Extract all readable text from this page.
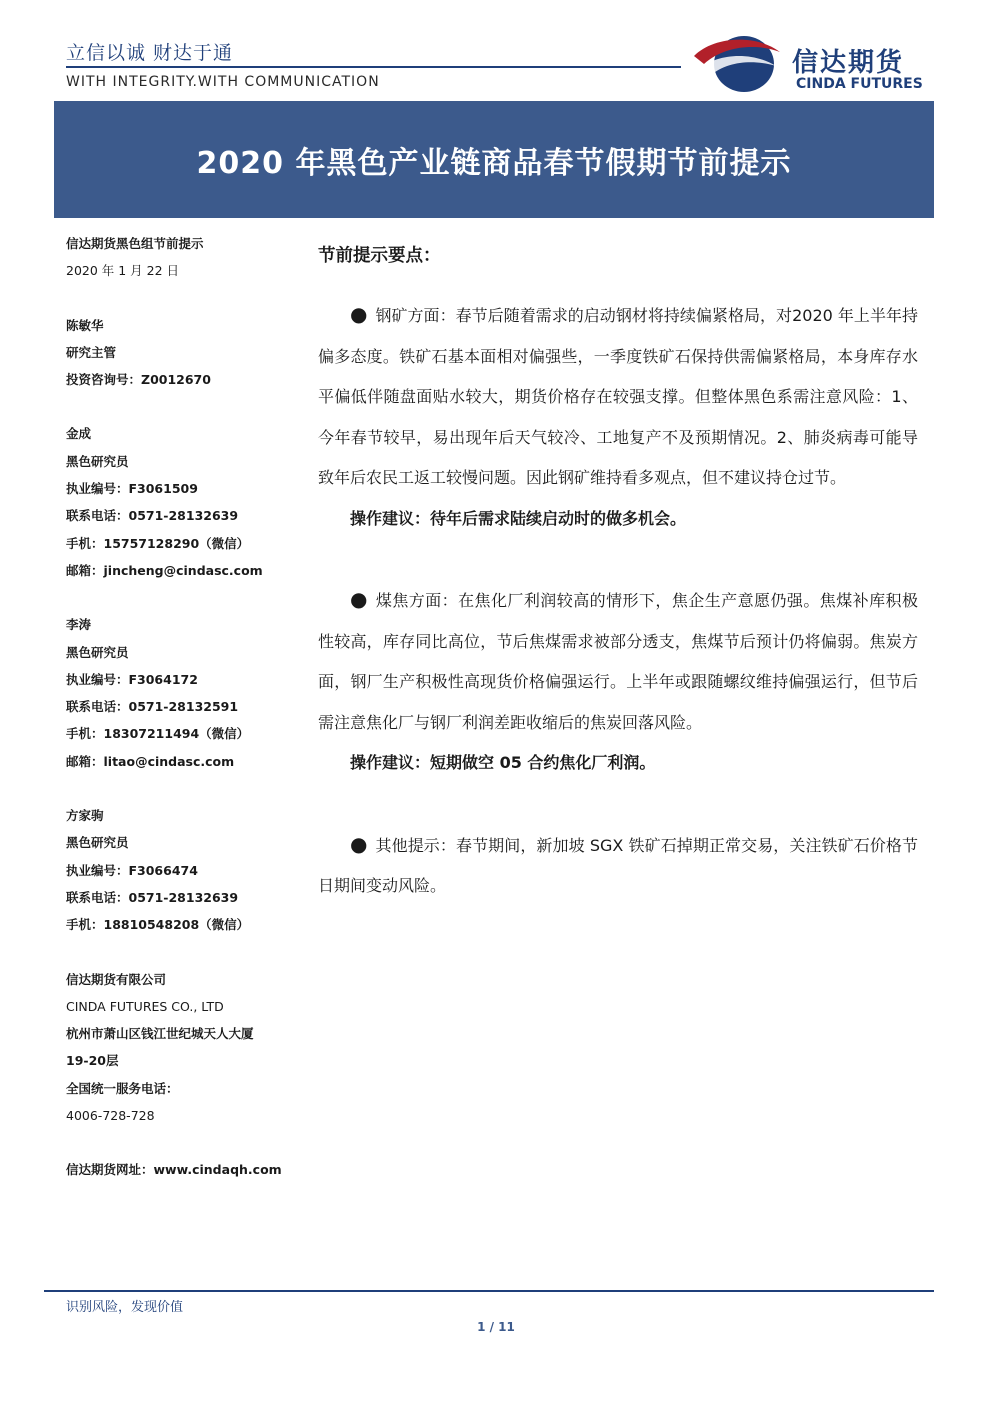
立信以诚 财达于通
WITH INTEGRITY.WITH COMMUNICATION
信达期货
CINDA FUTURES
2020 年黑色产业链商品春节假期节前提示
信达期货黑色组节前提示
2020 年 1 月 22 日
陈敏华
研究主管
投资咨询号：Z0012670
金成
黑色研究员
执业编号：F3061509
联系电话：0571-28132639
手机：15757128290（微信）
邮箱：jincheng@cindasc.com
李涛
黑色研究员
执业编号：F3064172
联系电话：0571-28132591
手机：18307211494（微信）
邮箱：litao@cindasc.com
方家驹
黑色研究员
执业编号：F3066474
联系电话：0571-28132639
手机：18810548208（微信）
信达期货有限公司
CINDA FUTURES CO., LTD
杭州市萧山区钱江世纪城天人大厦
19-20层
全国统一服务电话：
4006-728-728
信达期货网址：www.cindaqh.com
节前提示要点：

● 钢矿方面：春节后随着需求的启动钢材将持续偏紧格局，对2020 年上半年持偏多态度。铁矿石基本面相对偏强些，一季度铁矿石保持供需偏紧格局，本身库存水平偏低伴随盘面贴水较大，期货价格存在较强支撑。但整体黑色系需注意风险：1、今年春节较早，易出现年后天气较冷、工地复产不及预期情况。2、肺炎病毒可能导致年后农民工返工较慢问题。因此钢矿维持看多观点，但不建议持仓过节。

操作建议：待年后需求陆续启动时的做多机会。

● 煤焦方面：在焦化厂利润较高的情形下，焦企生产意愿仍强。焦煤补库积极性较高，库存同比高位，节后焦煤需求被部分透支，焦煤节后预计仍将偏弱。焦炭方面，钢厂生产积极性高现货价格偏强运行。上半年或跟随螺纹维持偏强运行，但节后需注意焦化厂与钢厂利润差距收缩后的焦炭回落风险。

操作建议：短期做空 05 合约焦化厂利润。

● 其他提示：春节期间，新加坡 SGX 铁矿石掉期正常交易，关注铁矿石价格节日期间变动风险。

识别风险，发现价值
1 / 11
